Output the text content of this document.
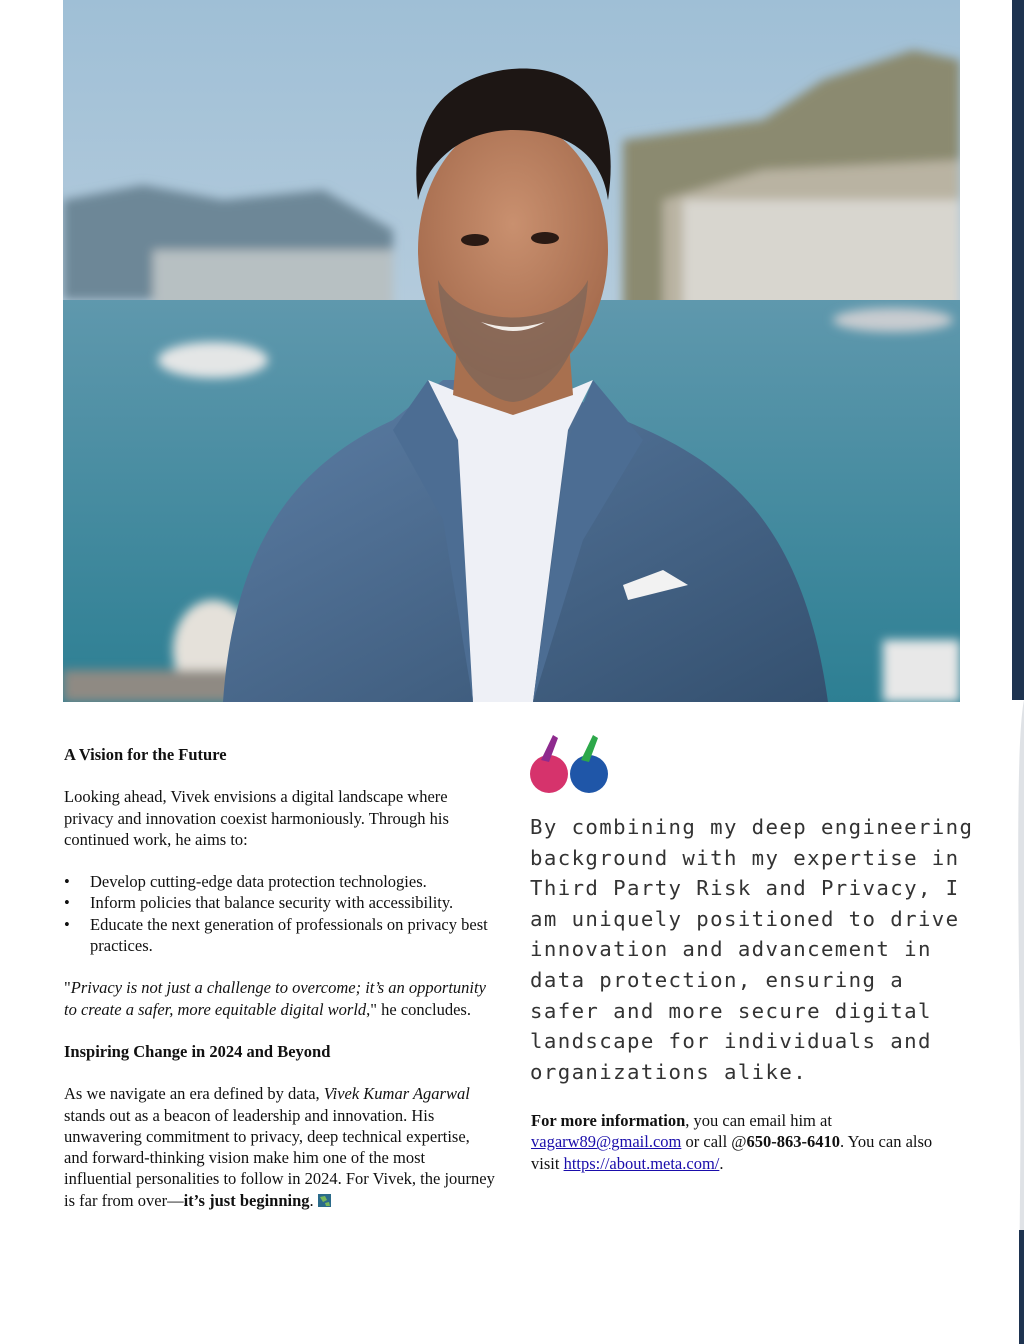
A Vision for the Future

Looking ahead, Vivek envisions a digital landscape where privacy and innovation coexist harmoniously. Through his continued work, he aims to:

• Develop cutting-edge data protection technologies.
• Inform policies that balance security with accessibility.
• Educate the next generation of professionals on privacy best practices.

"Privacy is not just a challenge to overcome; it’s an opportunity to create a safer, more equitable digital world," he concludes.

Inspiring Change in 2024 and Beyond

As we navigate an era defined by data, Vivek Kumar Agarwal stands out as a beacon of leadership and innovation. His unwavering commitment to privacy, deep technical expertise, and forward-thinking vision make him one of the most influential personalities to follow in 2024. For Vivek, the journey is far from over—it’s just beginning.

By combining my deep engineering background with my expertise in Third Party Risk and Privacy, I am uniquely positioned to drive innovation and advancement in data protection, ensuring a safer and more secure digital landscape for individuals and organizations alike.

For more information, you can email him at vagarw89@gmail.com or call @650-863-6410. You can also visit https://about.meta.com/.
